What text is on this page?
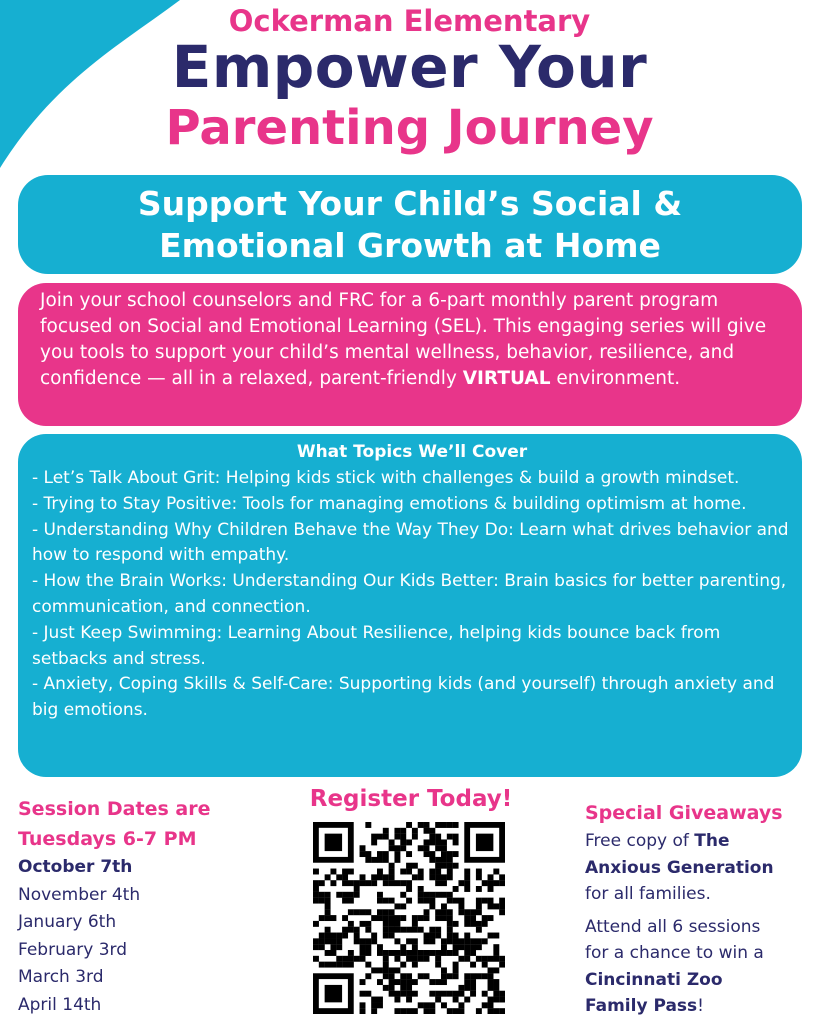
Ockerman Elementary
Empower Your
Parenting Journey
Support Your Child’s Social &
Emotional Growth at Home
Join your school counselors and FRC for a 6-part monthly parent program focused on Social and Emotional Learning (SEL). This engaging series will give you tools to support your child’s mental wellness, behavior, resilience, and confidence — all in a relaxed, parent-friendly VIRTUAL environment.
What Topics We’ll Cover
- Let’s Talk About Grit: Helping kids stick with challenges & build a growth mindset.
- Trying to Stay Positive: Tools for managing emotions & building optimism at home.
- Understanding Why Children Behave the Way They Do: Learn what drives behavior and how to respond with empathy.
- How the Brain Works: Understanding Our Kids Better: Brain basics for better parenting, communication, and connection.
- Just Keep Swimming: Learning About Resilience, helping kids bounce back from setbacks and stress.
- Anxiety, Coping Skills & Self-Care: Supporting kids (and yourself) through anxiety and big emotions.
Session Dates are
Tuesdays 6-7 PM
October 7th
November 4th
January 6th
February 3rd
March 3rd
April 14th
Register Today!
Special Giveaways
Free copy of The
Anxious Generation
for all families.
Attend all 6 sessions
for a chance to win a
Cincinnati Zoo
Family Pass!
